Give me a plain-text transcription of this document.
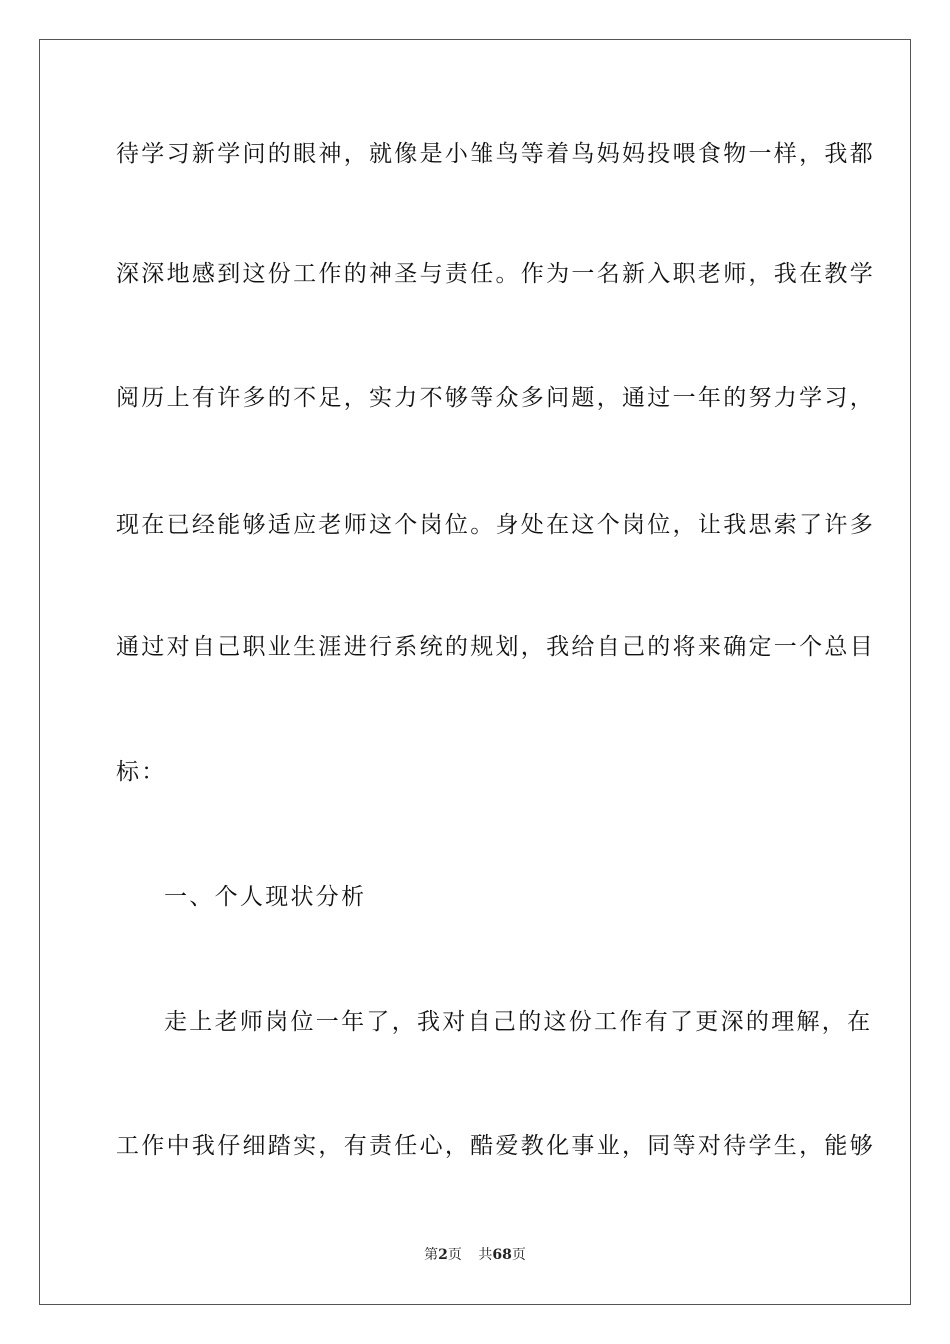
待学习新学问的眼神，就像是小雏鸟等着鸟妈妈投喂食物一样，我都
深深地感到这份工作的神圣与责任。作为一名新入职老师，我在教学
阅历上有许多的不足，实力不够等众多问题，通过一年的努力学习，
现在已经能够适应老师这个岗位。身处在这个岗位，让我思索了许多
通过对自己职业生涯进行系统的规划，我给自己的将来确定一个总目
标：
一、个人现状分析
走上老师岗位一年了，我对自己的这份工作有了更深的理解，在
工作中我仔细踏实，有责任心，酷爱教化事业，同等对待学生，能够
第2页 共68页
